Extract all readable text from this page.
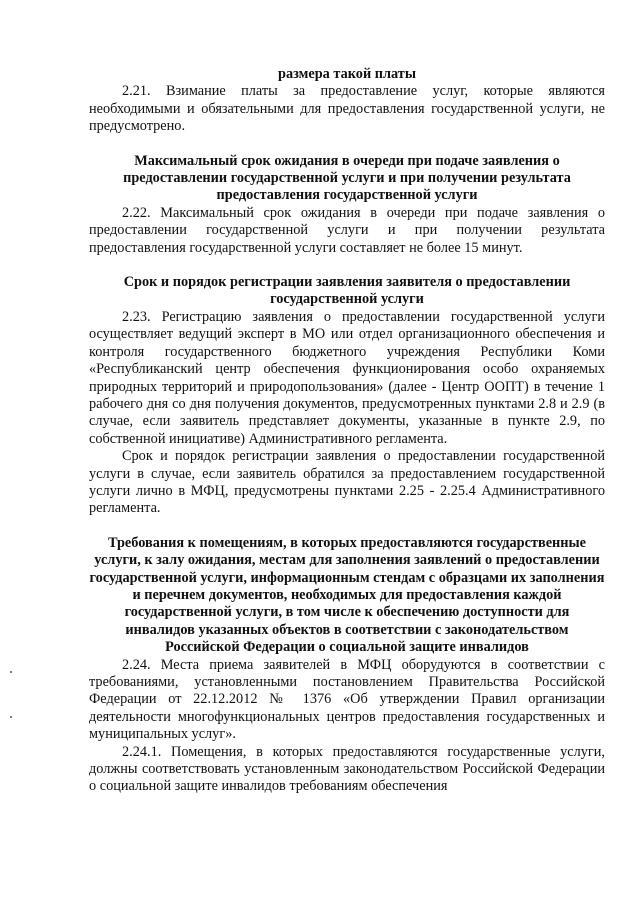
размера такой платы

2.21. Взимание платы за предоставление услуг, которые являются необходимыми и обязательными для предоставления государственной услуги, не предусмотрено.

Максимальный срок ожидания в очереди при подаче заявления о предоставлении государственной услуги и при получении результата предоставления государственной услуги

2.22. Максимальный срок ожидания в очереди при подаче заявления о предоставлении государственной услуги и при получении результата предоставления государственной услуги составляет не более 15 минут.

Срок и порядок регистрации заявления заявителя о предоставлении государственной услуги

2.23. Регистрацию заявления о предоставлении государственной услуги осуществляет ведущий эксперт в МО или отдел организационного обеспечения и контроля государственного бюджетного учреждения Республики Коми «Республиканский центр обеспечения функционирования особо охраняемых природных территорий и природопользования» (далее - Центр ООПТ) в течение 1 рабочего дня со дня получения документов, предусмотренных пунктами 2.8 и 2.9 (в случае, если заявитель представляет документы, указанные в пункте 2.9, по собственной инициативе) Административного регламента.

Срок и порядок регистрации заявления о предоставлении государственной услуги в случае, если заявитель обратился за предоставлением государственной услуги лично в МФЦ, предусмотрены пунктами 2.25 - 2.25.4 Административного регламента.

Требования к помещениям, в которых предоставляются государственные услуги, к залу ожидания, местам для заполнения заявлений о предоставлении государственной услуги, информационным стендам с образцами их заполнения и перечнем документов, необходимых для предоставления каждой государственной услуги, в том числе к обеспечению доступности для инвалидов указанных объектов в соответствии с законодательством Российской Федерации о социальной защите инвалидов

2.24. Места приема заявителей в МФЦ оборудуются в соответствии с требованиями, установленными постановлением Правительства Российской Федерации от 22.12.2012 № 1376 «Об утверждении Правил организации деятельности многофункциональных центров предоставления государственных и муниципальных услуг».

2.24.1. Помещения, в которых предоставляются государственные услуги, должны соответствовать установленным законодательством Российской Федерации о социальной защите инвалидов требованиям обеспечения
